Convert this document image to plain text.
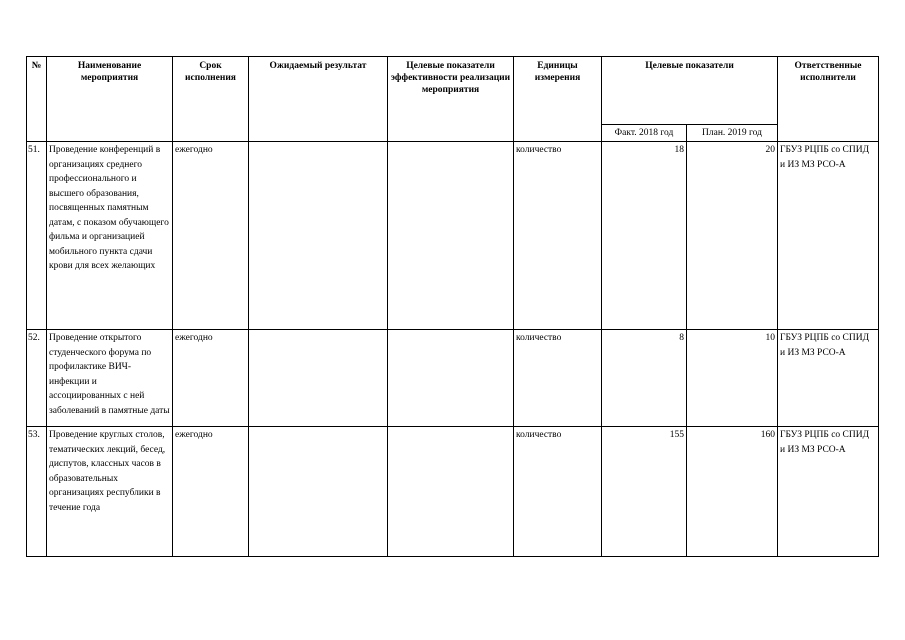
№	Наименование мероприятия	Срок исполнения	Ожидаемый результат	Целевые показатели эффективности реализации мероприятия	Единицы измерения	Целевые показатели		Ответственные исполнители
						Факт. 2018 год	План. 2019 год	
51.	Проведение конференций в организациях среднего профессионального и высшего образования, посвященных памятным датам, с показом обучающего фильма и организацией мобильного пункта сдачи крови для всех желающих	ежегодно			количество	18	20	ГБУЗ РЦПБ со СПИД и ИЗ МЗ РСО-А
52.	Проведение открытого студенческого форума по профилактике ВИЧ-инфекции и ассоциированных с ней заболеваний в памятные даты	ежегодно			количество	8	10	ГБУЗ РЦПБ со СПИД и ИЗ МЗ РСО-А
53.	Проведение круглых столов, тематических лекций, бесед, диспутов, классных часов в образовательных организациях республики в течение года	ежегодно			количество	155	160	ГБУЗ РЦПБ со СПИД и ИЗ МЗ РСО-А
